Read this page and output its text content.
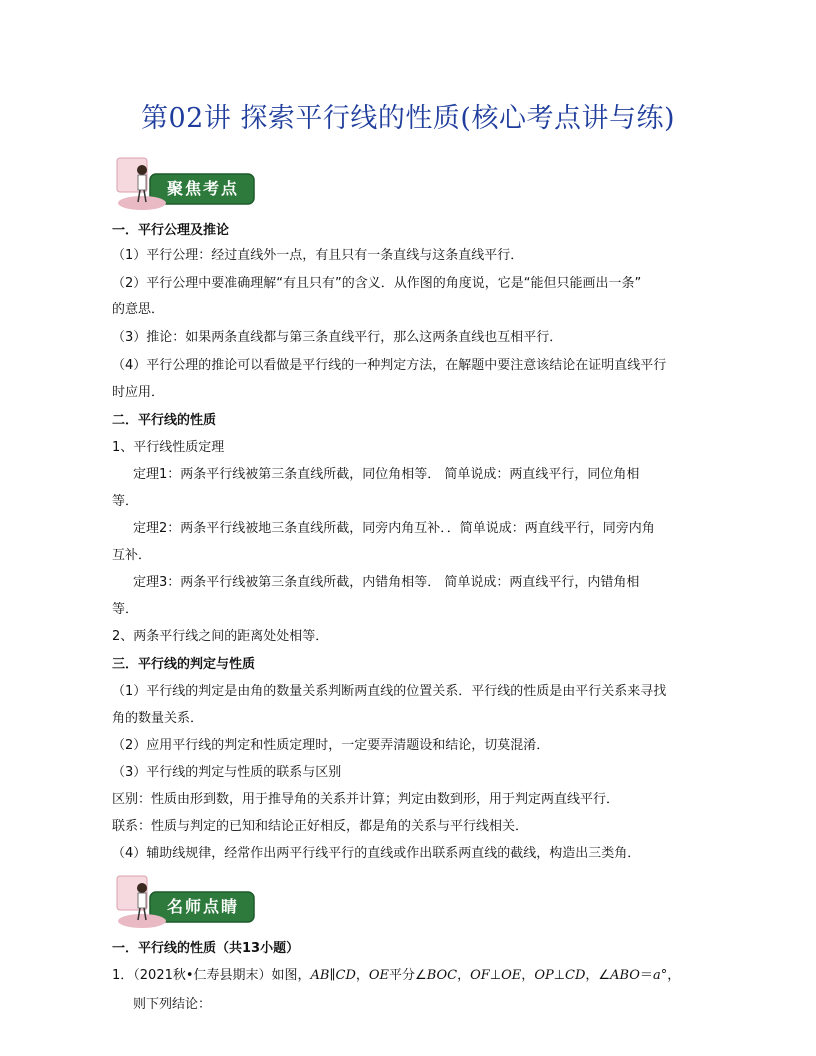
第02讲 探索平行线的性质(核心考点讲与练)
聚焦考点
一．平行公理及推论
（1）平行公理：经过直线外一点，有且只有一条直线与这条直线平行．
（2）平行公理中要准确理解“有且只有”的含义．从作图的角度说，它是“能但只能画出一条”
的意思．
（3）推论：如果两条直线都与第三条直线平行，那么这两条直线也互相平行．
（4）平行公理的推论可以看做是平行线的一种判定方法，在解题中要注意该结论在证明直线平行
时应用．
二．平行线的性质
1、平行线性质定理
定理1：两条平行线被第三条直线所截，同位角相等． 简单说成：两直线平行，同位角相
等．
定理2：两条平行线被地三条直线所截，同旁内角互补．．简单说成：两直线平行，同旁内角
互补．
定理3：两条平行线被第三条直线所截，内错角相等． 简单说成：两直线平行，内错角相
等．
2、两条平行线之间的距离处处相等．
三．平行线的判定与性质
（1）平行线的判定是由角的数量关系判断两直线的位置关系．平行线的性质是由平行关系来寻找
角的数量关系．
（2）应用平行线的判定和性质定理时，一定要弄清题设和结论，切莫混淆．
（3）平行线的判定与性质的联系与区别
区别：性质由形到数，用于推导角的关系并计算；判定由数到形，用于判定两直线平行．
联系：性质与判定的已知和结论正好相反，都是角的关系与平行线相关．
（4）辅助线规律，经常作出两平行线平行的直线或作出联系两直线的截线，构造出三类角．
名师点睛
一．平行线的性质（共13小题）
1．（2021秋•仁寿县期末）如图，AB∥CD，OE平分∠BOC，OF⊥OE，OP⊥CD，∠ABO＝a°，
则下列结论：
